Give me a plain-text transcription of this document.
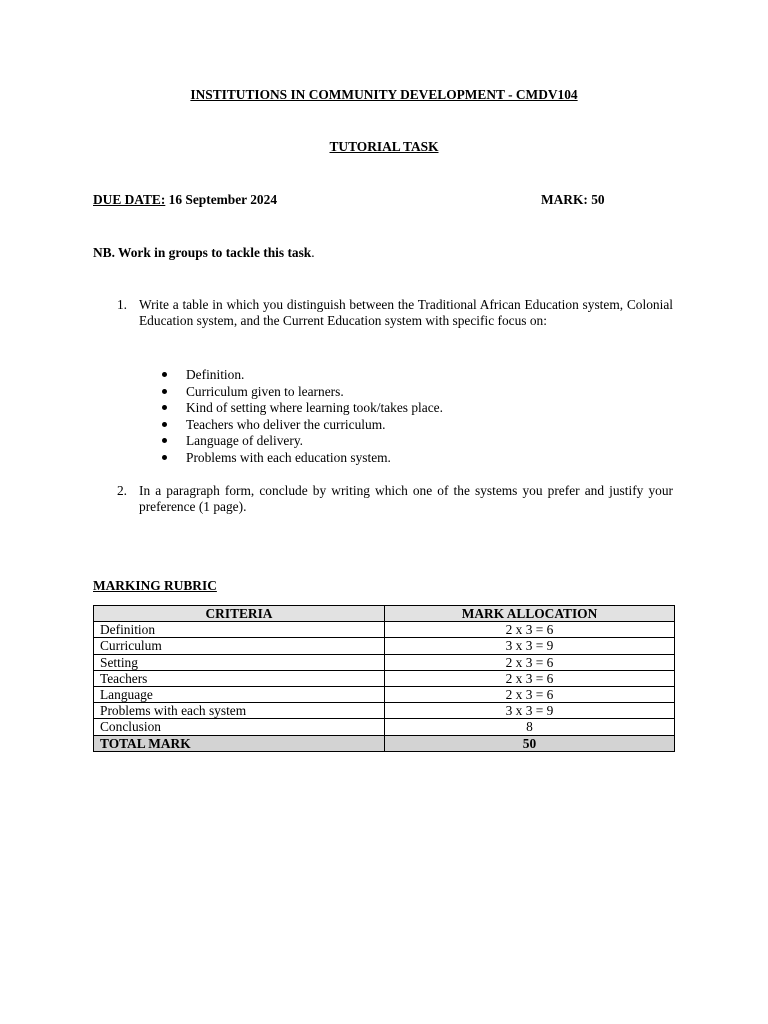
INSTITUTIONS IN COMMUNITY DEVELOPMENT - CMDV104
TUTORIAL TASK
DUE DATE: 16 September 2024	MARK: 50
NB. Work in groups to tackle this task.
1. Write a table in which you distinguish between the Traditional African Education system, Colonial Education system, and the Current Education system with specific focus on:
Definition.
Curriculum given to learners.
Kind of setting where learning took/takes place.
Teachers who deliver the curriculum.
Language of delivery.
Problems with each education system.
2. In a paragraph form, conclude by writing which one of the systems you prefer and justify your preference (1 page).
MARKING RUBRIC
CRITERIA	MARK ALLOCATION
Definition	2 x 3 = 6
Curriculum	3 x 3 = 9
Setting	2 x 3 = 6
Teachers	2 x 3 = 6
Language	2 x 3 = 6
Problems with each system	3 x 3 = 9
Conclusion	8
TOTAL MARK	50
